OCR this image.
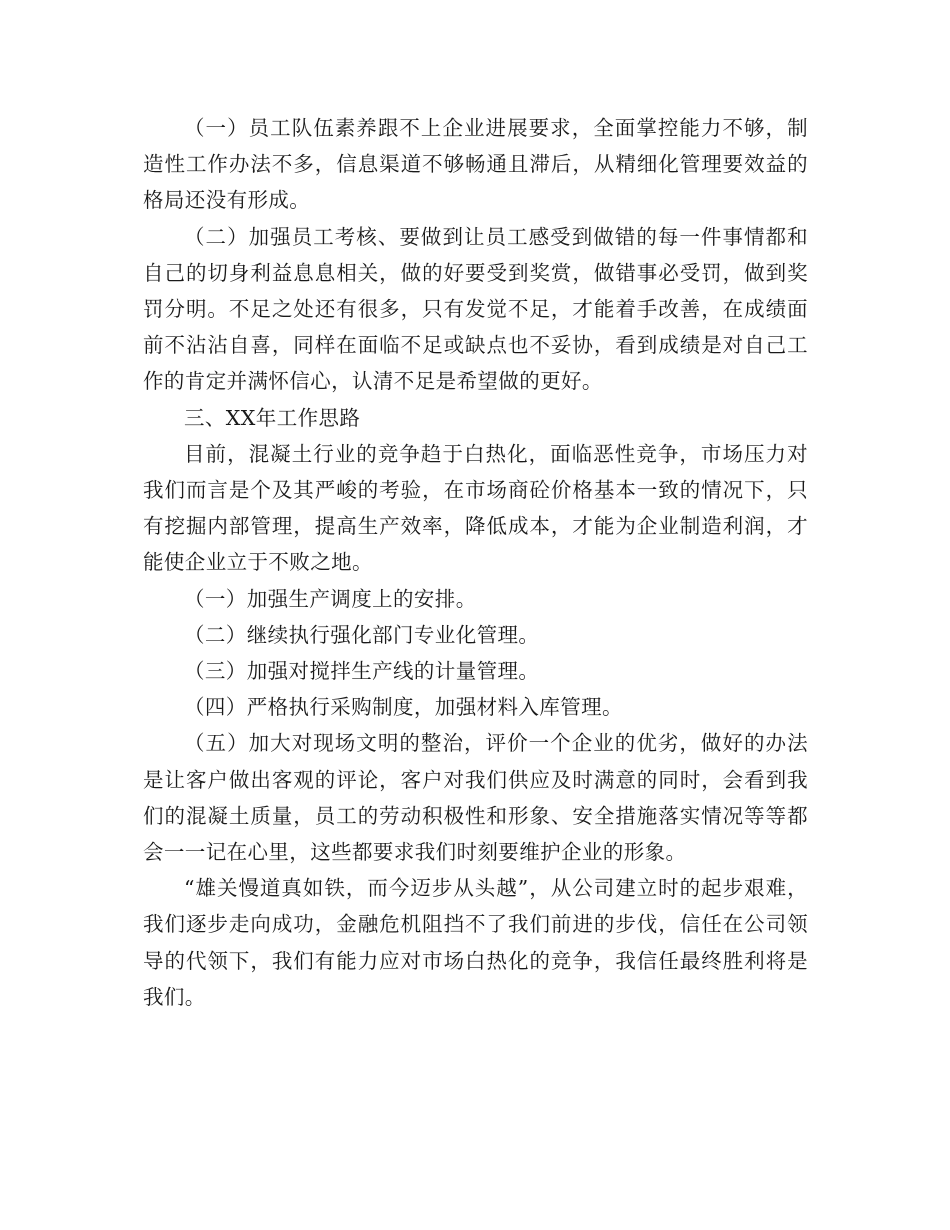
（一）员工队伍素养跟不上企业进展要求，全面掌控能力不够，制造性工作办法不多，信息渠道不够畅通且滞后，从精细化管理要效益的格局还没有形成。

（二）加强员工考核、要做到让员工感受到做错的每一件事情都和自己的切身利益息息相关，做的好要受到奖赏，做错事必受罚，做到奖罚分明。不足之处还有很多，只有发觉不足，才能着手改善，在成绩面前不沾沾自喜，同样在面临不足或缺点也不妥协，看到成绩是对自己工作的肯定并满怀信心，认清不足是希望做的更好。

三、XX年工作思路

目前，混凝土行业的竞争趋于白热化，面临恶性竞争，市场压力对我们而言是个及其严峻的考验，在市场商砼价格基本一致的情况下，只有挖掘内部管理，提高生产效率，降低成本，才能为企业制造利润，才能使企业立于不败之地。

（一）加强生产调度上的安排。

（二）继续执行强化部门专业化管理。

（三）加强对搅拌生产线的计量管理。

（四）严格执行采购制度，加强材料入库管理。

（五）加大对现场文明的整治，评价一个企业的优劣，做好的办法是让客户做出客观的评论，客户对我们供应及时满意的同时，会看到我们的混凝土质量，员工的劳动积极性和形象、安全措施落实情况等等都会一一记在心里，这些都要求我们时刻要维护企业的形象。

“雄关慢道真如铁，而今迈步从头越”，从公司建立时的起步艰难，我们逐步走向成功，金融危机阻挡不了我们前进的步伐，信任在公司领导的代领下，我们有能力应对市场白热化的竞争，我信任最终胜利将是我们。
